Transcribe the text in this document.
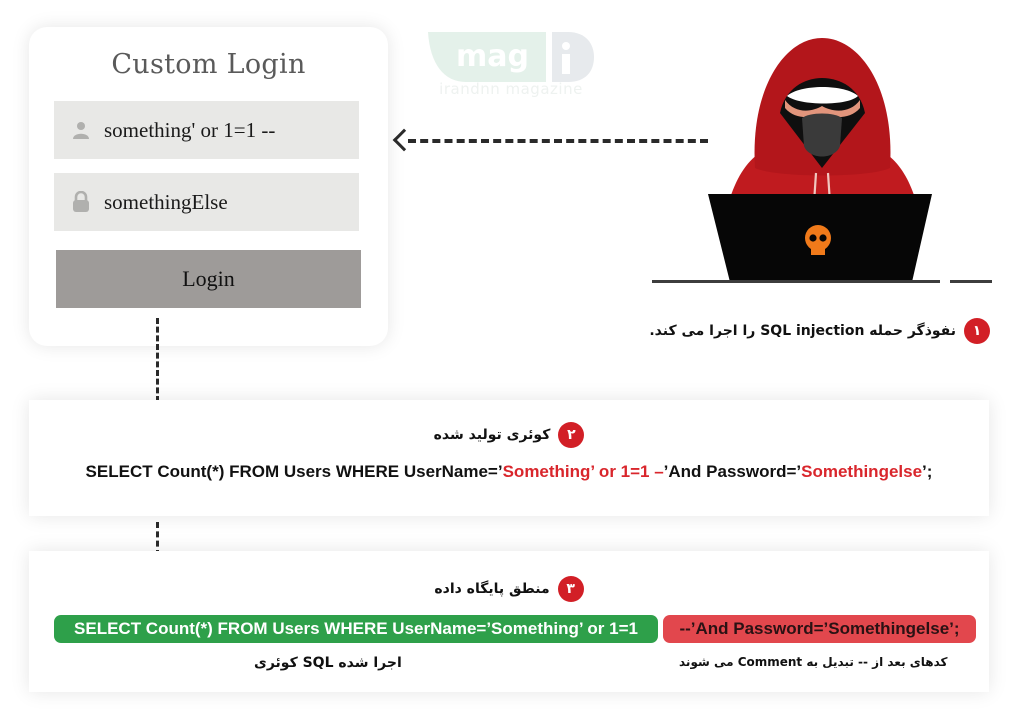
Custom Login
something' or 1=1 --
somethingElse
Login
mag
irandnn magazine
۱
نفوذگر حمله SQL injection را اجرا می کند.
۲
کوئری تولید شده
SELECT Count(*) FROM Users WHERE UserName=’Something’ or 1=1 –’And Password=’Somethingelse’;
۳
منطق پایگاه داده
SELECT Count(*) FROM Users WHERE UserName=’Something’ or 1=1	--’And Password=’Somethingelse’;
اجرا شده SQL کوئری	کدهای بعد از -- تبدیل به Comment می شوند
